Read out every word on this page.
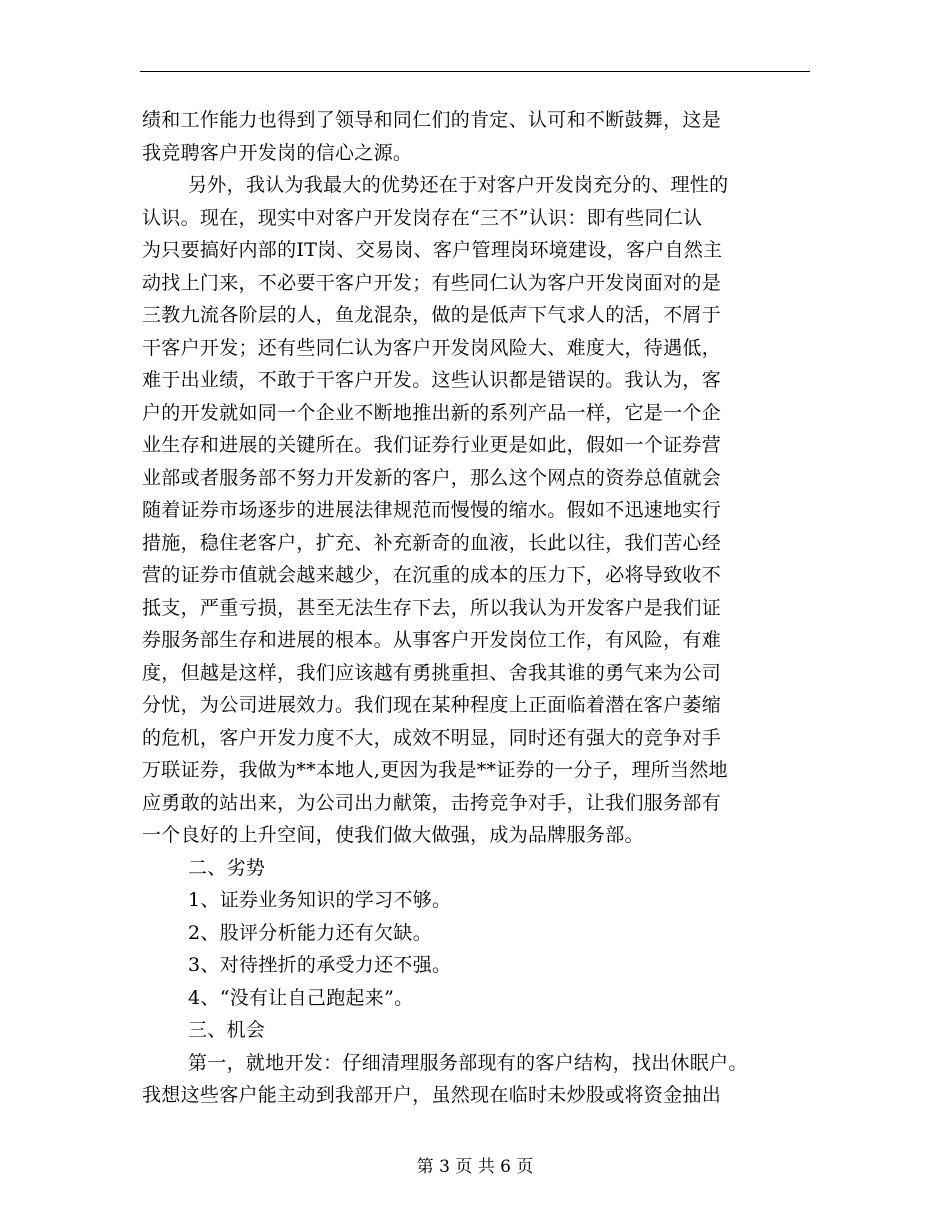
绩和工作能力也得到了领导和同仁们的肯定、认可和不断鼓舞，这是
我竞聘客户开发岗的信心之源。
另外，我认为我最大的优势还在于对客户开发岗充分的、理性的
认识。现在，现实中对客户开发岗存在“三不”认识：即有些同仁认
为只要搞好内部的IT岗、交易岗、客户管理岗环境建设，客户自然主
动找上门来，不必要干客户开发；有些同仁认为客户开发岗面对的是
三教九流各阶层的人，鱼龙混杂，做的是低声下气求人的活，不屑于
干客户开发；还有些同仁认为客户开发岗风险大、难度大，待遇低，
难于出业绩，不敢于干客户开发。这些认识都是错误的。我认为，客
户的开发就如同一个企业不断地推出新的系列产品一样，它是一个企
业生存和进展的关键所在。我们证券行业更是如此，假如一个证券营
业部或者服务部不努力开发新的客户，那么这个网点的资券总值就会
随着证券市场逐步的进展法律规范而慢慢的缩水。假如不迅速地实行
措施，稳住老客户，扩充、补充新奇的血液，长此以往，我们苦心经
营的证券市值就会越来越少，在沉重的成本的压力下，必将导致收不
抵支，严重亏损，甚至无法生存下去，所以我认为开发客户是我们证
券服务部生存和进展的根本。从事客户开发岗位工作，有风险，有难
度，但越是这样，我们应该越有勇挑重担、舍我其谁的勇气来为公司
分忧，为公司进展效力。我们现在某种程度上正面临着潜在客户萎缩
的危机，客户开发力度不大，成效不明显，同时还有强大的竞争对手
万联证券，我做为**本地人,更因为我是**证券的一分子，理所当然地
应勇敢的站出来，为公司出力献策，击挎竞争对手，让我们服务部有
一个良好的上升空间，使我们做大做强，成为品牌服务部。
二、劣势
1、证券业务知识的学习不够。
2、股评分析能力还有欠缺。
3、对待挫折的承受力还不强。
4、“没有让自己跑起来”。
三、机会
第一，就地开发：仔细清理服务部现有的客户结构，找出休眠户。
我想这些客户能主动到我部开户，虽然现在临时未炒股或将资金抽出
第 3 页 共 6 页
